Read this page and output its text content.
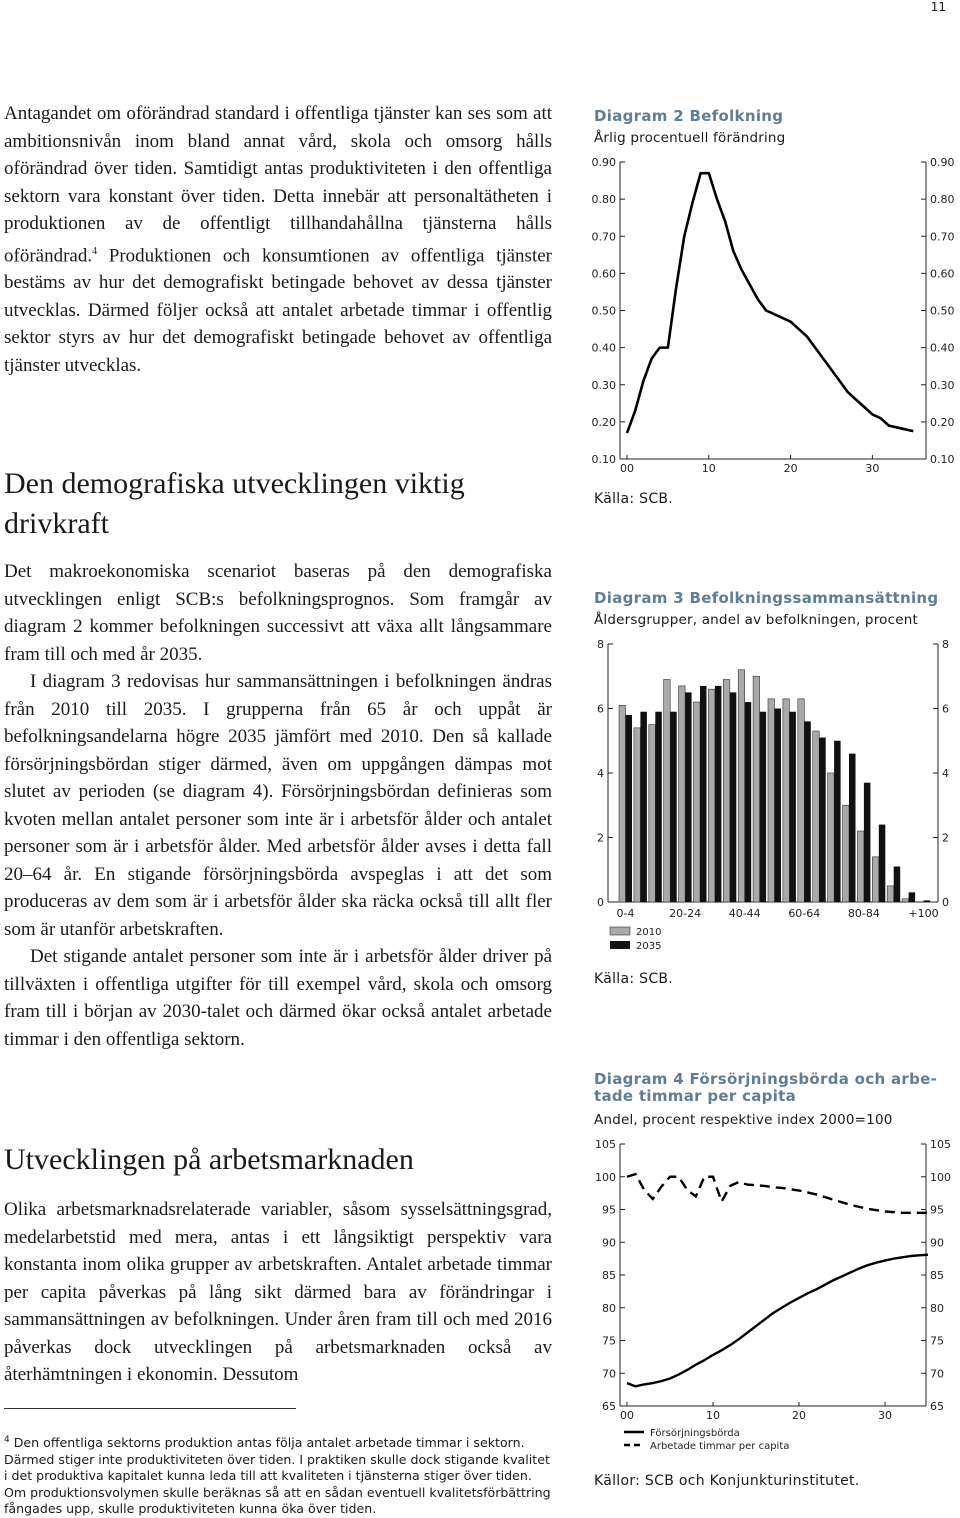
11

Antagandet om oförändrad standard i offentliga tjänster kan ses som att ambitionsnivån inom bland annat vård, skola och omsorg hålls oförändrad över tiden. Samtidigt antas produktiviteten i den offentliga sektorn vara konstant över tiden. Detta innebär att personaltätheten i produktionen av de offentligt tillhandahållna tjänsterna hålls oförändrad.$^4$ Produktionen och konsumtionen av offentliga tjänster bestäms av hur det demografiskt betingade behovet av dessa tjänster utvecklas. Därmed följer också att antalet arbetade timmar i offentlig sektor styrs av hur det demografiskt betingade behovet av offentliga tjänster utvecklas.

Den demografiska utvecklingen viktig
drivkraft

Det makroekonomiska scenariot baseras på den demografiska utvecklingen enligt SCB:s befolkningsprognos. Som framgår av diagram 2 kommer befolkningen successivt att växa allt långsammare fram till och med år 2035.

I diagram 3 redovisas hur sammansättningen i befolkningen ändras från 2010 till 2035. I grupperna från 65 år och uppåt är befolkningsandelarna högre 2035 jämfört med 2010. Den så kallade försörjningsbördan stiger därmed, även om uppgången dämpas mot slutet av perioden (se diagram 4). Försörjningsbördan definieras som kvoten mellan antalet personer som inte är i arbetsför ålder och antalet personer som är i arbetsför ålder. Med arbetsför ålder avses i detta fall 20–64 år. En stigande försörjningsbörda avspeglas i att det som produceras av dem som är i arbetsför ålder ska räcka också till allt fler som är utanför arbetskraften.

Det stigande antalet personer som inte är i arbetsför ålder driver på tillväxten i offentliga utgifter för till exempel vård, skola och omsorg fram till i början av 2030-talet och därmed ökar också antalet arbetade timmar i den offentliga sektorn.

Utvecklingen på arbetsmarknaden

Olika arbetsmarknadsrelaterade variabler, såsom sysselsättningsgrad, medelarbetstid med mera, antas i ett långsiktigt perspektiv vara konstanta inom olika grupper av arbetskraften. Antalet arbetade timmar per capita påverkas på lång sikt därmed bara av förändringar i sammansättningen av befolkningen. Under åren fram till och med 2016 påverkas dock utvecklingen på arbetsmarknaden också av återhämtningen i ekonomin. Dessutom

$^4$ Den offentliga sektorns produktion antas följa antalet arbetade timmar i sektorn. Därmed stiger inte produktiviteten över tiden. I praktiken skulle dock stigande kvalitet i det produktiva kapitalet kunna leda till att kvaliteten i tjänsterna stiger över tiden. Om produktionsvolymen skulle beräknas så att en sådan eventuell kvalitetsförbättring fångades upp, skulle produktiviteten kunna öka över tiden.
Diagram 2 Befolkning
Årlig procentuell förändring
0.90	0.90
0.80	0.80
0.70	0.70
0.60	0.60
0.50	0.50
0.40	0.40
0.30	0.30
0.20	0.20
0.10	0.10
00	10	20	30
Källa: SCB.
Diagram 3 Befolkningssammansättning
Åldersgrupper, andel av befolkningen, procent
8	8
6	6
4	4
2	2
0	0
0-4	20-24	40-44	60-64	80-84	+100
2010
2035
Källa: SCB.
Diagram 4 Försörjningsbörda och arbe-
tade timmar per capita
Andel, procent respektive index 2000=100
105	105
100	100
95	95
90	90
85	85
80	80
75	75
70	70
65	65
00	10	20	30
Försörjningsbörda
Arbetade timmar per capita
Källor: SCB och Konjunkturinstitutet.
